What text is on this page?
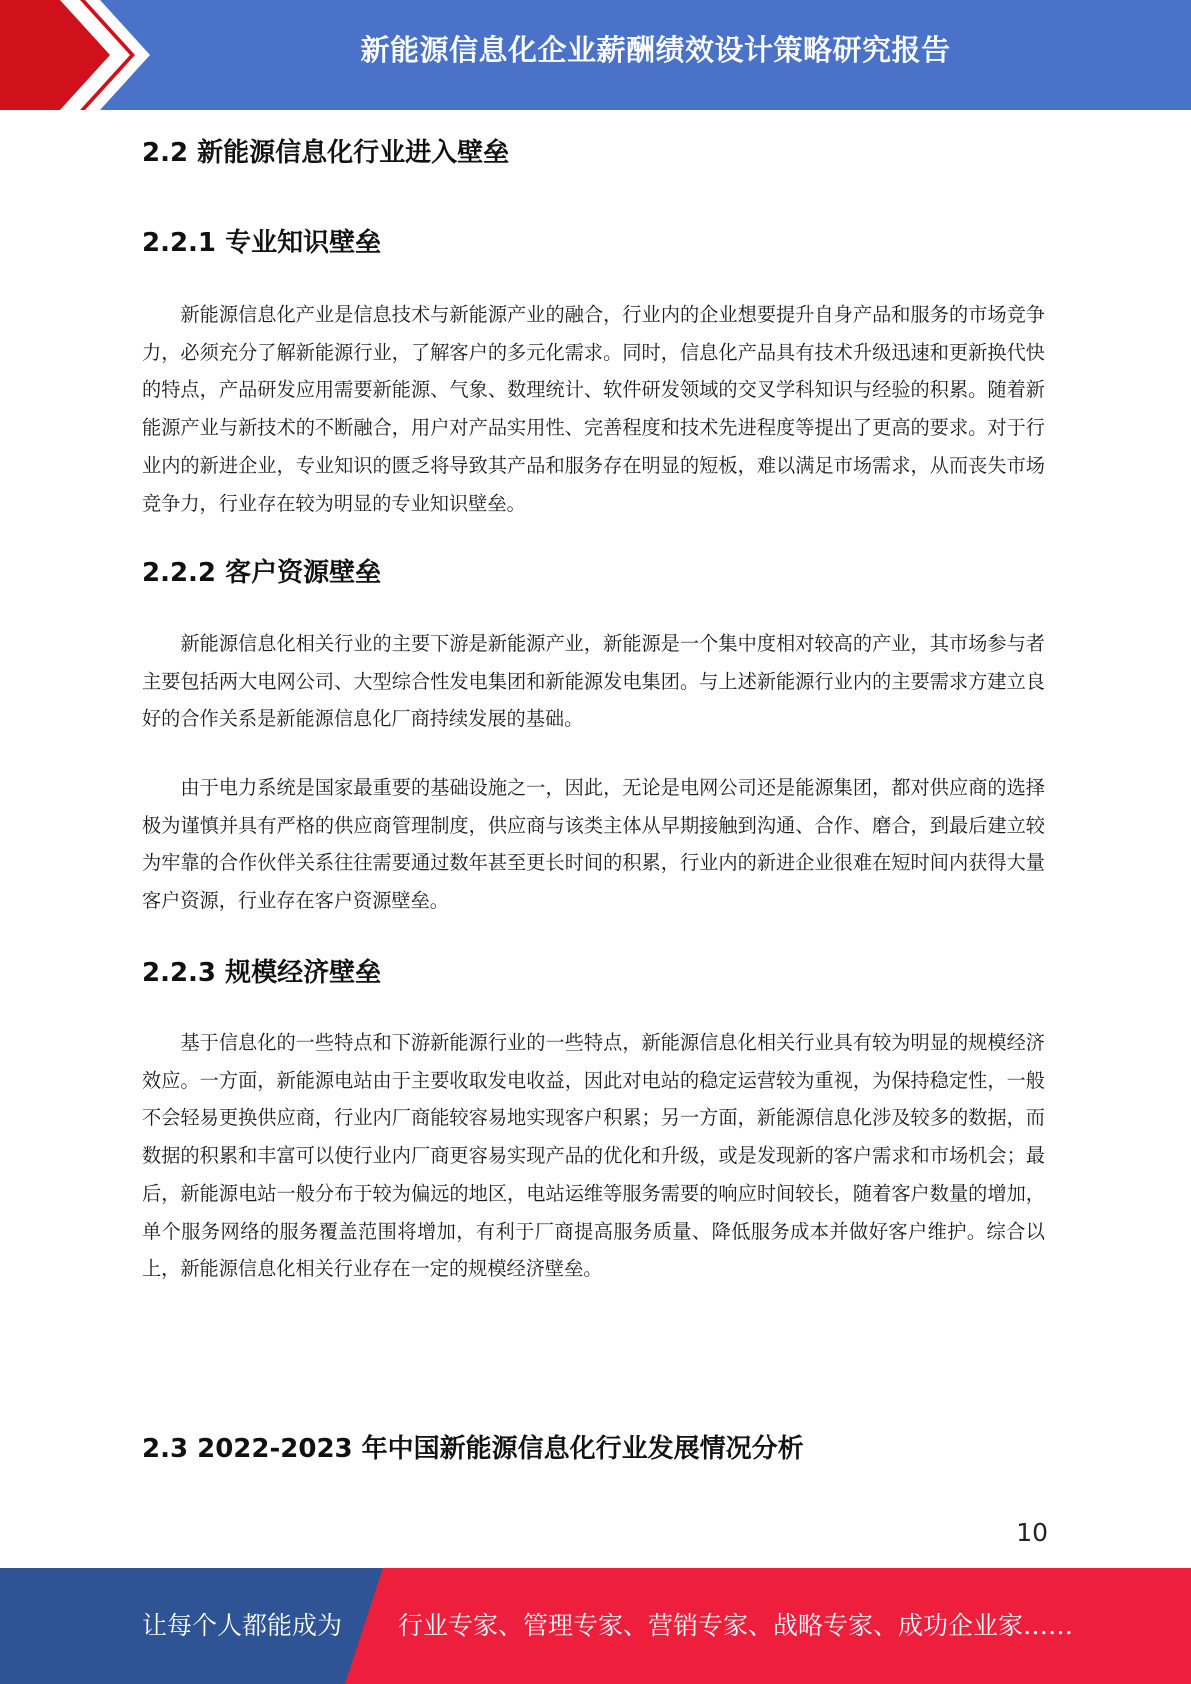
新能源信息化企业薪酬绩效设计策略研究报告
2.2 新能源信息化行业进入壁垒
2.2.1 专业知识壁垒

新能源信息化产业是信息技术与新能源产业的融合，行业内的企业想要提升自身产品和服务的市场竞争力，必须充分了解新能源行业，了解客户的多元化需求。同时，信息化产品具有技术升级迅速和更新换代快的特点，产品研发应用需要新能源、气象、数理统计、软件研发领域的交叉学科知识与经验的积累。随着新能源产业与新技术的不断融合，用户对产品实用性、完善程度和技术先进程度等提出了更高的要求。对于行业内的新进企业，专业知识的匮乏将导致其产品和服务存在明显的短板，难以满足市场需求，从而丧失市场竞争力，行业存在较为明显的专业知识壁垒。

2.2.2 客户资源壁垒

新能源信息化相关行业的主要下游是新能源产业，新能源是一个集中度相对较高的产业，其市场参与者主要包括两大电网公司、大型综合性发电集团和新能源发电集团。与上述新能源行业内的主要需求方建立良好的合作关系是新能源信息化厂商持续发展的基础。

由于电力系统是国家最重要的基础设施之一，因此，无论是电网公司还是能源集团，都对供应商的选择极为谨慎并具有严格的供应商管理制度，供应商与该类主体从早期接触到沟通、合作、磨合，到最后建立较为牢靠的合作伙伴关系往往需要通过数年甚至更长时间的积累，行业内的新进企业很难在短时间内获得大量客户资源，行业存在客户资源壁垒。

2.2.3 规模经济壁垒

基于信息化的一些特点和下游新能源行业的一些特点，新能源信息化相关行业具有较为明显的规模经济效应。一方面，新能源电站由于主要收取发电收益，因此对电站的稳定运营较为重视，为保持稳定性，一般不会轻易更换供应商，行业内厂商能较容易地实现客户积累；另一方面，新能源信息化涉及较多的数据，而数据的积累和丰富可以使行业内厂商更容易实现产品的优化和升级，或是发现新的客户需求和市场机会；最后，新能源电站一般分布于较为偏远的地区，电站运维等服务需要的响应时间较长，随着客户数量的增加，单个服务网络的服务覆盖范围将增加，有利于厂商提高服务质量、降低服务成本并做好客户维护。综合以上，新能源信息化相关行业存在一定的规模经济壁垒。

2.3 2022-2023 年中国新能源信息化行业发展情况分析
10
让每个人都能成为 行业专家、管理专家、营销专家、战略专家、成功企业家……
